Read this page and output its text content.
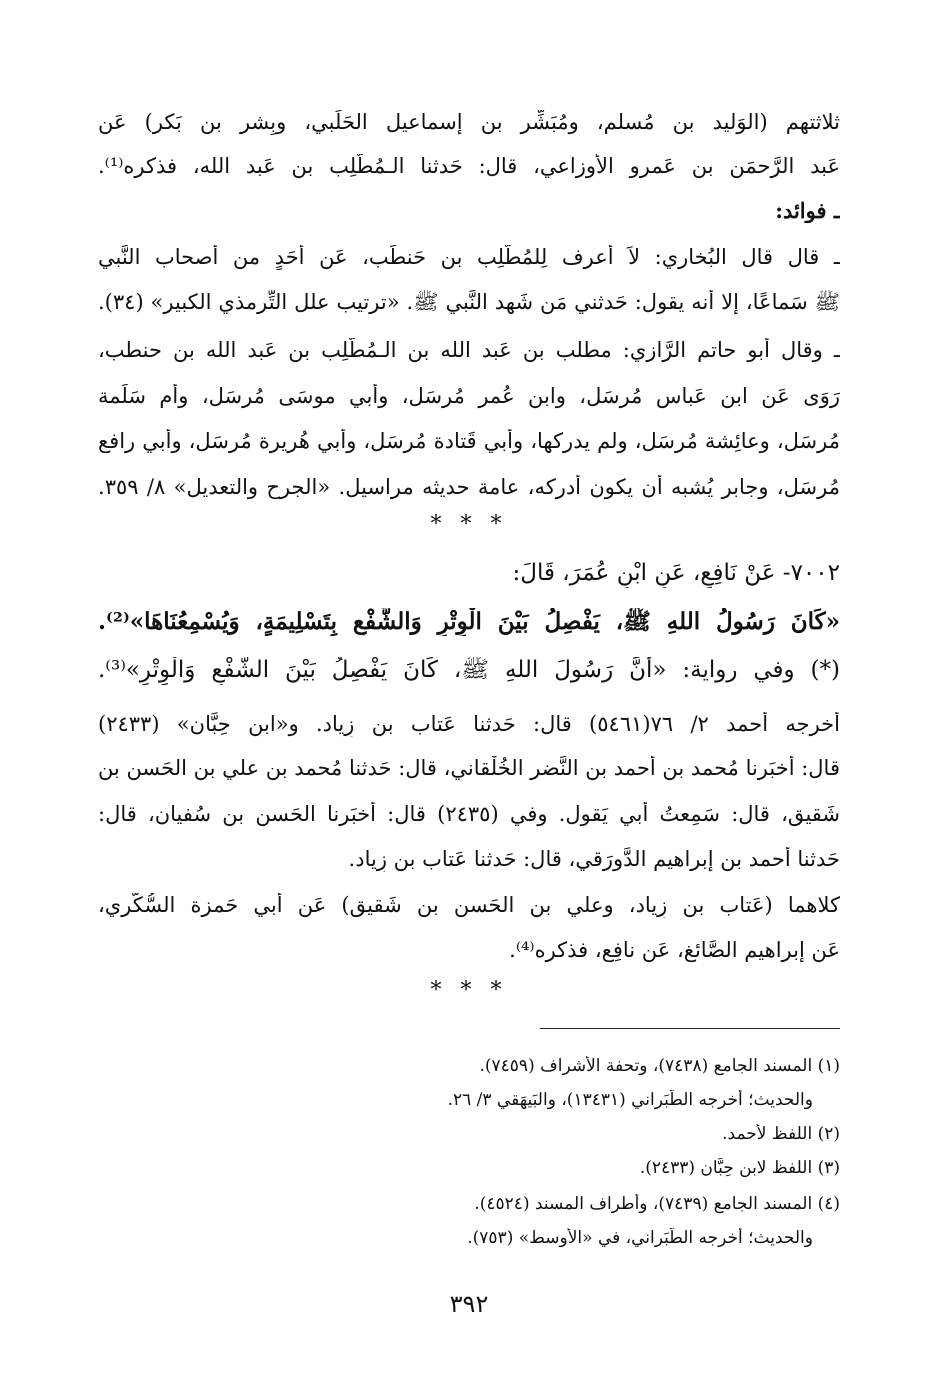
ثلاثتهم (الوَليد بن مُسلم، ومُبَشِّر بن إسماعيل الحَلَبي، وبِشر بن بَكر) عَن
عَبد الرَّحمَن بن عَمرو الأَوزاعي، قال: حَدثنا الـمُطَّلِب بن عَبد الله، فذكره⁽¹⁾.
ـ فوائد:
ـ قال قال البُخاري: لاَ أَعرف لِلمُطَّلِب بن حَنطَب، عَن أَحَدٍ من أَصحاب النَّبي
ﷺ سَماعًا، إِلا أنه يقول: حَدثني مَن شَهد النَّبي ﷺ. «ترتيب علل التِّرمذي الكبير» (٣٤).
ـ وقال أَبو حاتم الرَّازي: مطلب بن عَبد الله بن الـمُطَّلِب بن عَبد الله بن حنطب،
رَوَى عَن ابن عَباس مُرسَل، وابن عُمر مُرسَل، وأَبي موسَى مُرسَل، وأُم سَلَمة
مُرسَل، وعائِشة مُرسَل، ولم يدركها، وأَبي قَتادة مُرسَل، وأَبي هُريرة مُرسَل، وأَبي رافع
مُرسَل، وجابر يُشبه أَن يكون أَدركه، عامة حديثه مراسيل. «الجرح والتعديل» ٨/ ٣٥٩.
* * *
٧٠٠٢- عَنْ نَافِعٍ، عَنِ ابْنِ عُمَرَ، قَالَ:
«كَانَ رَسُولُ اللهِ ﷺ، يَفْصِلُ بَيْنَ الْوِتْرِ وَالشَّفْعِ بِتَسْلِيمَةٍ، وَيُسْمِعُنَاهَا»⁽²⁾.
(*) وفي رواية: «أَنَّ رَسُولَ اللهِ ﷺ، كَانَ يَفْصِلُ بَيْنَ الشَّفْعِ وَالْوِتْرِ»⁽³⁾.
أخرجه أحمد ٢/ ٧٦(٥٤٦١) قال: حَدثنا عَتاب بن زِياد. و«ابن حِبَّان» (٢٤٣٣)
قال: أَخبَرنا مُحمد بن أَحمد بن النَّضر الخُلْقاني، قال: حَدثنا مُحمد بن علي بن الحَسن بن
شَقيق، قال: سَمِعتُ أَبي يَقول. وفي (٢٤٣٥) قال: أَخبَرنا الحَسن بن سُفيان، قال:
حَدثنا أَحمد بن إِبراهيم الدَّورَقي، قال: حَدثنا عَتاب بن زِياد.
كلاهما (عَتاب بن زِياد، وعلي بن الحَسن بن شَقيق) عَن أَبي حَمزة السُّكَّري،
عَن إِبراهيم الصَّائغ، عَن نافِع، فذكره⁽⁴⁾.
* * *
(١) المسند الجامع (٧٤٣٨)، وتحفة الأشراف (٧٤٥٩).
والحديث؛ أخرجه الطَّبَراني (١٣٤٣١)، والبَيهَقي ٣/ ٢٦.
(٢) اللفظ لأَحمد.
(٣) اللفظ لابن حِبَّان (٢٤٣٣).
(٤) المسند الجامع (٧٤٣٩)، وأطراف المسند (٤٥٢٤).
والحديث؛ أخرجه الطَّبَراني، في «الأوسط» (٧٥٣).
٣٩٢
